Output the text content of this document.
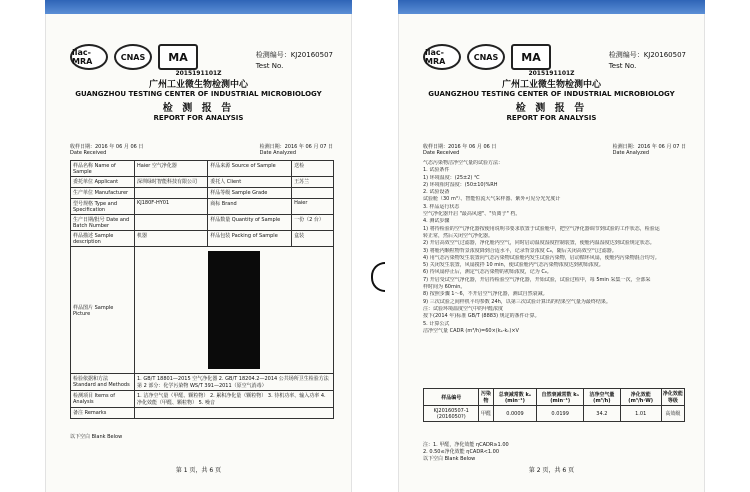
ilac-MRA	CNAS	MA	检测编号：KJ20160507
Test No.
2015191101Z
广州工业微生物检测中心
GUANGZHOU TESTING CENTER OF INDUSTRIAL MICROBIOLOGY
检 测 报 告
REPORT FOR ANALYSIS
收样日期：2016 年 06 月 06 日
Date Received
检测日期：2016 年 06 月 07 日
Date Analyzed
样品名称 Name of Sample	Haier 空气净化器	样品来源 Source of Sample	送检
委托单位 Applicant	深圳绿时智能科技有限公司	委托人 Client	王苏兰
生产单位 Manufacturer		样品等级 Sample Grade	
型号规格 Type and Specification	KJ180F-HY01	商标 Brand	Haier
生产日期/批号 Date and Batch Number		样品数量 Quantity of Sample	一份（2 台）
样品描述 Sample description	机器	样品包装 Packing of Sample	盒装
样品图片 Sample Picture			

检验依据和方法 Standard and Methods	1. GB/T 18801—2015 空气净化器 2. GB/T 18204.2—2014 公共场所卫生检验方法 第 2 部分：化学污染物 WS/T 391—2011（原空气消毒）		
检测项目 Items of Analysis	1. 洁净空气量（甲醛、颗粒物） 2. 累积净化量（颗粒物） 3. 待机功率、输入功率 4. 净化效能（甲醛、颗粒物） 5. 噪音		
备注 Remarks			
以下空白 Blank Below
第 1 页，共 6 页
ilac-MRA	CNAS	MA	检测编号：KJ20160507
Test No.
2015191101Z
广州工业微生物检测中心
GUANGZHOU TESTING CENTER OF INDUSTRIAL MICROBIOLOGY
检 测 报 告
REPORT FOR ANALYSIS
收样日期：2016 年 06 月 06 日
Date Received
检测日期：2016 年 06 月 07 日
Date Analyzed
气态污染物洁净空气量的试验方法：
1. 试验条件
1) 环境温度：(25±2) ℃
2) 环境相对湿度：(50±10)%RH
2. 试验设备
试验舱（30 m³）、智能恒流大气采样器、紫外可见分光光度计
3. 样品运行状态
空气净化器开启 "最高风速"、"负离子" 档。
4. 测试步骤
1) 将待检验的空气净化器按使用说明书要求放置于试验舱中，把空气净化器调节到试验的工作状态，检验运
转正常，然后关闭空气净化器。
2) 开启高效空气过滤器，净化舱内空气，同时启动温度湿度控制装置，使舱内温湿度达到试验规定状态。
3) 将舱内颗粒物背景浓度降到合适水平，记录背景浓度 C₀，随后关闭高效空气过滤器。
4) 用气态污染物发生装置向气态污染物试验舱内发生试验污染物，启动循环风扇，使舱内污染物混合均匀。
5) 关闭发生装置，风扇搅拌 10 min，使试验舱内气态污染物浓度达到初始浓度。
6) 待风扇停止后，测定气态污染物的初始浓度，记为 C₀。
7) 开启受试空气净化器，开启待检验空气净化器，开始试验，试验过程中，每 5min 采集一次，全部采
样时间为 60min。
8) 按照步骤 1～6，不开启空气净化器，测试自然衰减。
9) 三次试验之间样机平均参数 24h，以第三次试验计算出的结果空气量为最终结果。
注：试验环境温度空气中的甲醛浓度
按下(2014 年)标准 GB/T (8883) 规定的条件计算。
5. 计算公式
洁净空气量 CADR (m³/h)=60×(kₑ-kₙ)×V
样品编号	污染物	总衰减常数 kₑ (min⁻¹)	自然衰减常数 kₙ (min⁻¹)	洁净空气量 (m³/h)	净化效能 (m³/h·W)	净化效能等级
KJ20160507-1 (2016050?)	甲醛	0.0009	0.0199	34.2	1.01	高效级
注：1. 甲醛，净化效能 ηCADR≥1.00
2. 0.50≤净化效能 ηCADR<1.00
以下空白 Blank Below
第 2 页，共 6 页
